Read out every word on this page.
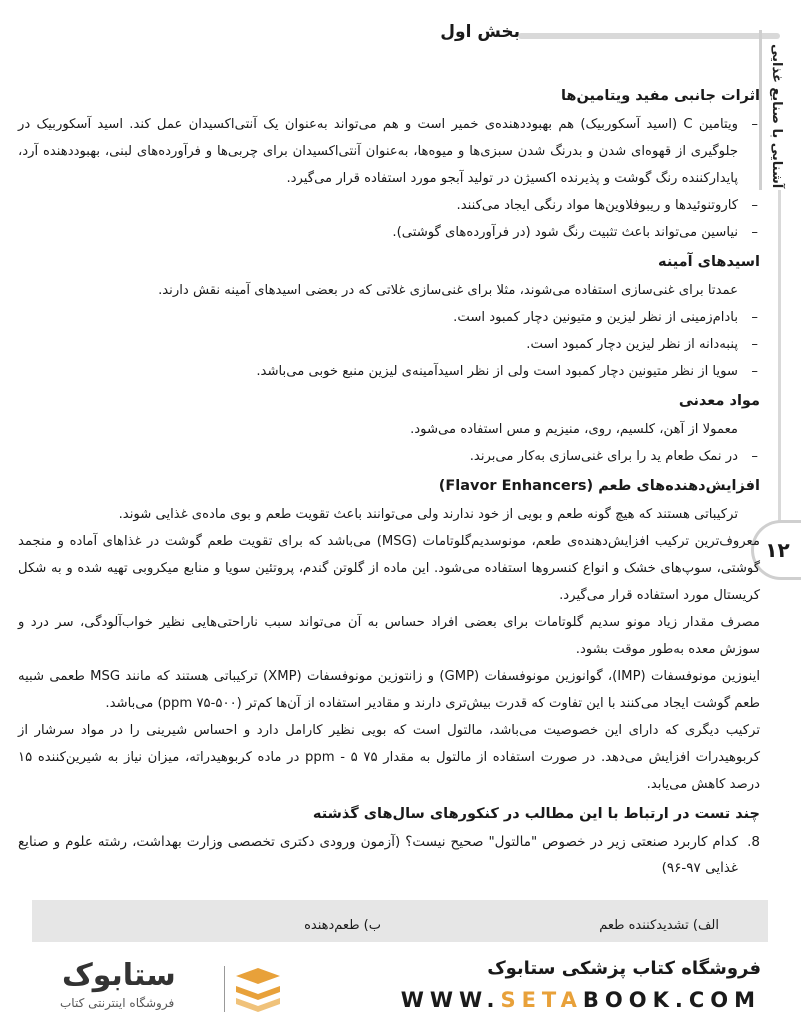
بخش اول
آشنایی با صنایع غذایی
۱۲
اثرات جانبی مفید ویتامین‌ها
– ویتامین C (اسید آسکوربیک) هم بهبوددهنده‌ی خمیر است و هم می‌تواند به‌عنوان یک آنتی‌اکسیدان عمل کند. اسید آسکوربیک در جلوگیری از قهوه‌ای شدن و بدرنگ شدن سبزی‌ها و میوه‌ها، به‌عنوان آنتی‌اکسیدان برای چربی‌ها و فرآورده‌های لبنی، بهبوددهنده آرد، پایدارکننده رنگ گوشت و پذیرنده اکسیژن در تولید آبجو مورد استفاده قرار می‌گیرد.
– کاروتنوئیدها و ریبوفلاوین‌ها مواد رنگی ایجاد می‌کنند.
– نیاسین می‌تواند باعث تثبیت رنگ شود (در فرآورده‌های گوشتی).
اسیدهای آمینه
عمدتا برای غنی‌سازی استفاده می‌شوند، مثلا برای غنی‌سازی غلاتی که در بعضی اسیدهای آمینه نقش دارند.
– بادام‌زمینی از نظر لیزین و متیونین دچار کمبود است.
– پنبه‌دانه از نظر لیزین دچار کمبود است.
– سویا از نظر متیونین دچار کمبود است ولی از نظر اسیدآمینه‌ی لیزین منبع خوبی می‌باشد.
مواد معدنی
معمولا از آهن، کلسیم، روی، منیزیم و مس استفاده می‌شود.
– در نمک طعام ید را برای غنی‌سازی به‌کار می‌برند.
افزایش‌دهنده‌های طعم (Flavor Enhancers)
ترکیباتی هستند که هیچ گونه طعم و بویی از خود ندارند ولی می‌توانند باعث تقویت طعم و بوی ماده‌ی غذایی شوند.
معروف‌ترین ترکیب افزایش‌دهنده‌ی طعم، مونوسدیم‌گلوتامات (MSG) می‌باشد که برای تقویت طعم گوشت در غذاهای آماده و منجمد گوشتی، سوپ‌های خشک و انواع کنسروها استفاده می‌شود. این ماده از گلوتن گندم، پروتئین سویا و منابع میکروبی تهیه شده و به شکل کریستال مورد استفاده قرار می‌گیرد.
مصرف مقدار زیاد مونو سدیم گلوتامات برای بعضی افراد حساس به آن می‌تواند سبب ناراحتی‌هایی نظیر خواب‌آلودگی، سر درد و سوزش معده به‌طور موقت بشود.
اینوزین مونوفسفات (IMP)، گوانوزین مونوفسفات (GMP) و زانتوزین مونوفسفات (XMP) ترکیباتی هستند که مانند MSG طعمی شبیه طعم گوشت ایجاد می‌کنند با این تفاوت که قدرت بیش‌تری دارند و مقادیر استفاده از آن‌ها کم‌تر (۵۰۰-۷۵ ppm) می‌باشد.
ترکیب دیگری که دارای این خصوصیت می‌باشد، مالتول است که بویی نظیر کارامل دارد و احساس شیرینی را در مواد سرشار از کربوهیدرات افزایش می‌دهد. در صورت استفاده از مالتول به مقدار ۷۵ ppm - ۵ در ماده کربوهیدراته، میزان نیاز به شیرین‌کننده ۱۵ درصد کاهش می‌یابد.
چند تست در ارتباط با این مطالب در کنکورهای سال‌های گذشته
8.
کدام کاربرد صنعتی زیر در خصوص "مالتول" صحیح نیست؟ (آزمون ورودی دکتری تخصصی وزارت بهداشت، رشته علوم و صنایع غذایی ۹۷-۹۶)
الف) تشدیدکننده طعم
ب) طعم‌دهنده
فروشگاه کتاب پزشکی ستابوک
WWW.SETABOOK.COM
ستابوک
فروشگاه اینترنتی کتاب
